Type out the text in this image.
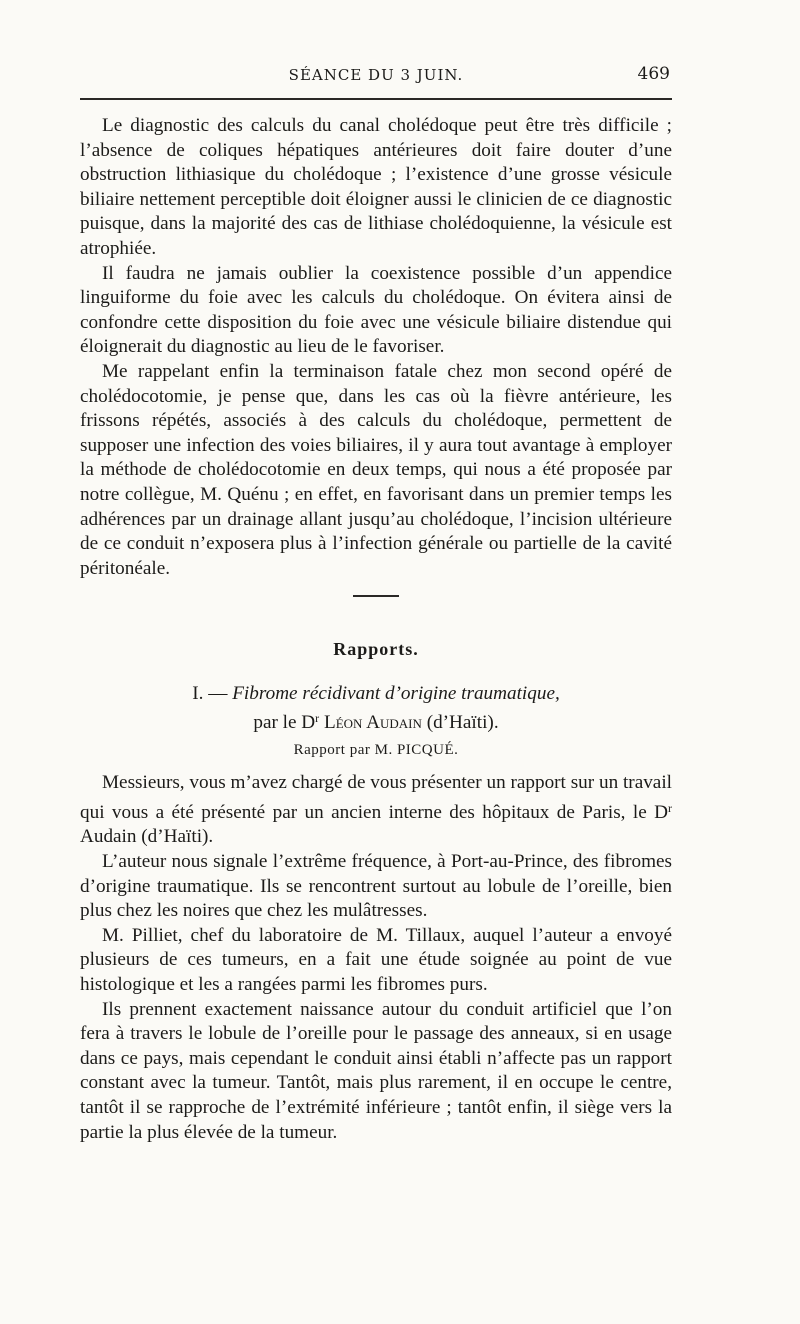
SÉANCE DU 3 JUIN.	469

Le diagnostic des calculs du canal cholédoque peut être très difficile ; l’absence de coliques hépatiques antérieures doit faire douter d’une obstruction lithiasique du cholédoque ; l’existence d’une grosse vésicule biliaire nettement perceptible doit éloigner aussi le clinicien de ce diagnostic puisque, dans la majorité des cas de lithiase cholédoquienne, la vésicule est atrophiée.

Il faudra ne jamais oublier la coexistence possible d’un appendice linguiforme du foie avec les calculs du cholédoque. On évitera ainsi de confondre cette disposition du foie avec une vésicule biliaire distendue qui éloignerait du diagnostic au lieu de le favoriser.

Me rappelant enfin la terminaison fatale chez mon second opéré de cholédocotomie, je pense que, dans les cas où la fièvre antérieure, les frissons répétés, associés à des calculs du cholédoque, permettent de supposer une infection des voies biliaires, il y aura tout avantage à employer la méthode de cholédocotomie en deux temps, qui nous a été proposée par notre collègue, M. Quénu ; en effet, en favorisant dans un premier temps les adhérences par un drainage allant jusqu’au cholédoque, l’incision ultérieure de ce conduit n’exposera plus à l’infection générale ou partielle de la cavité péritonéale.

Rapports.
I. — Fibrome récidivant d’origine traumatique,
par le $D^r$ Léon Audain (d’Haïti).
Rapport par M. PICQUÉ.

Messieurs, vous m’avez chargé de vous présenter un rapport sur un travail qui vous a été présenté par un ancien interne des hôpitaux de Paris, le $D^r$ Audain (d’Haïti).

L’auteur nous signale l’extrême fréquence, à Port-au-Prince, des fibromes d’origine traumatique. Ils se rencontrent surtout au lobule de l’oreille, bien plus chez les noires que chez les mulâtresses.

M. Pilliet, chef du laboratoire de M. Tillaux, auquel l’auteur a envoyé plusieurs de ces tumeurs, en a fait une étude soignée au point de vue histologique et les a rangées parmi les fibromes purs.

Ils prennent exactement naissance autour du conduit artificiel que l’on fera à travers le lobule de l’oreille pour le passage des anneaux, si en usage dans ce pays, mais cependant le conduit ainsi établi n’affecte pas un rapport constant avec la tumeur. Tantôt, mais plus rarement, il en occupe le centre, tantôt il se rapproche de l’extrémité inférieure ; tantôt enfin, il siège vers la partie la plus élevée de la tumeur.
